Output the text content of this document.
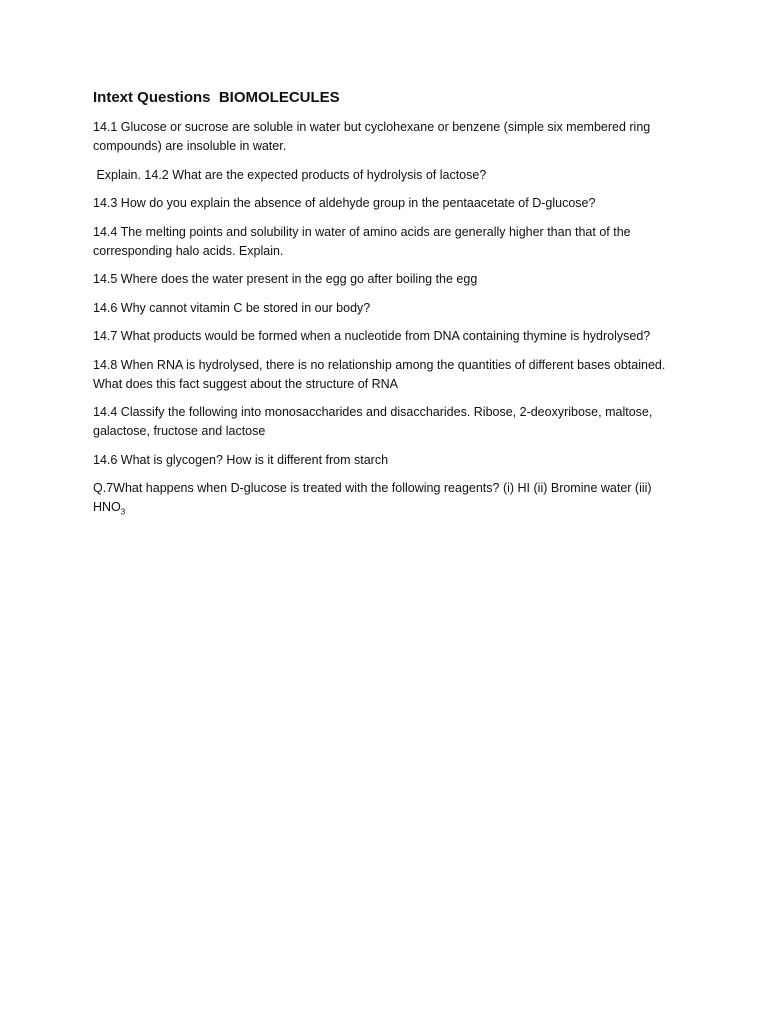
Intext Questions  BIOMOLECULES

14.1 Glucose or sucrose are soluble in water but cyclohexane or benzene (simple six membered ring compounds) are insoluble in water.

Explain. 14.2 What are the expected products of hydrolysis of lactose?

14.3 How do you explain the absence of aldehyde group in the pentaacetate of D-glucose?

14.4 The melting points and solubility in water of amino acids are generally higher than that of the corresponding halo acids. Explain.

14.5 Where does the water present in the egg go after boiling the egg

14.6 Why cannot vitamin C be stored in our body?

14.7 What products would be formed when a nucleotide from DNA containing thymine is hydrolysed?

14.8 When RNA is hydrolysed, there is no relationship among the quantities of different bases obtained. What does this fact suggest about the structure of RNA

14.4 Classify the following into monosaccharides and disaccharides. Ribose, 2-deoxyribose, maltose, galactose, fructose and lactose

14.6 What is glycogen? How is it different from starch

Q.7What happens when D-glucose is treated with the following reagents? (i) HI (ii) Bromine water (iii) $HNO_3$
